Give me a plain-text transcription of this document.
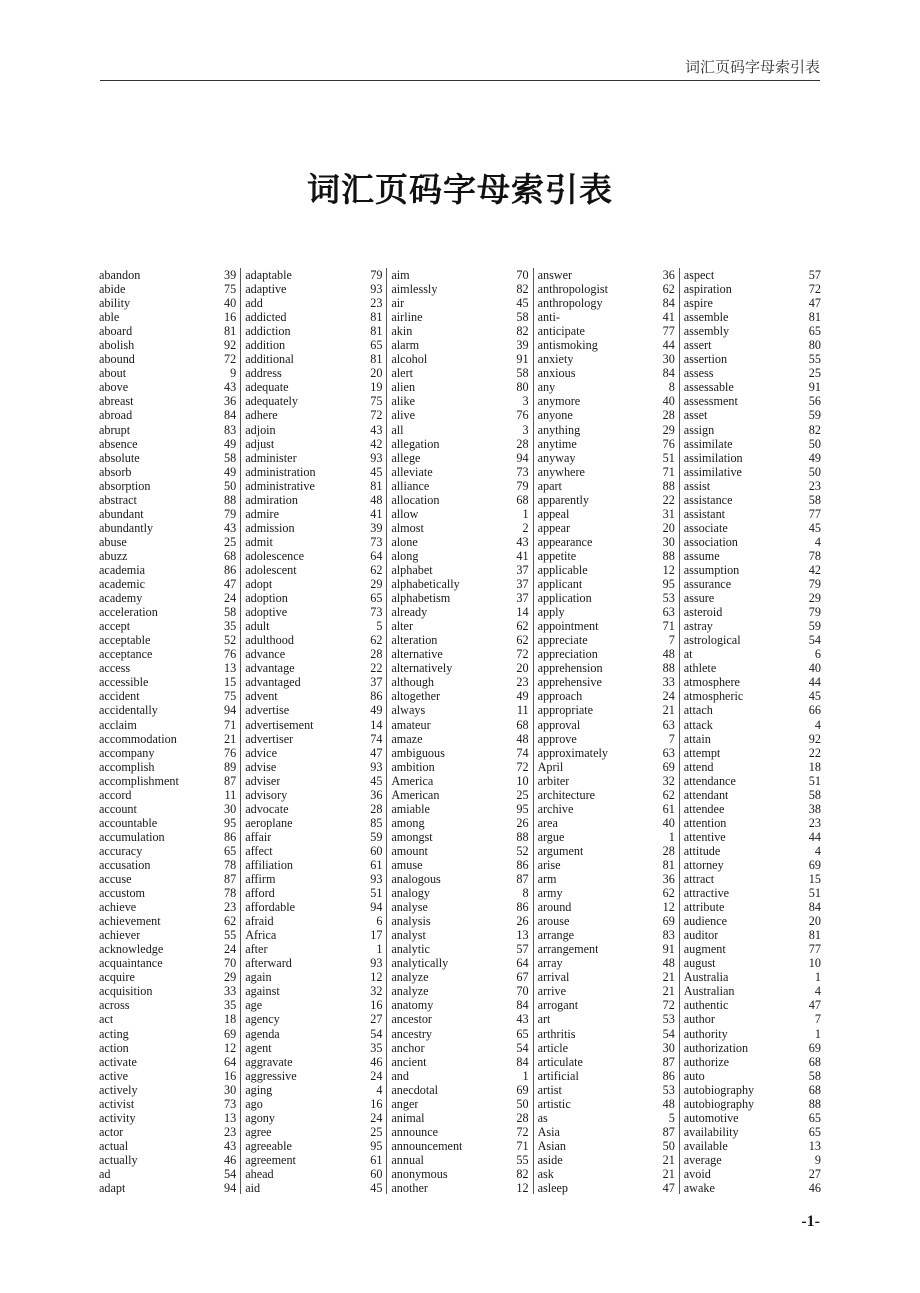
词汇页码字母索引表
词汇页码字母索引表
abandon	39
abide	75
ability	40
able	16
aboard	81
abolish	92
abound	72
about	9
above	43
abreast	36
abroad	84
abrupt	83
absence	49
absolute	58
absorb	49
absorption	50
abstract	88
abundant	79
abundantly	43
abuse	25
abuzz	68
academia	86
academic	47
academy	24
acceleration	58
accept	35
acceptable	52
acceptance	76
access	13
accessible	15
accident	75
accidentally	94
acclaim	71
accommodation	21
accompany	76
accomplish	89
accomplishment	87
accord	11
account	30
accountable	95
accumulation	86
accuracy	65
accusation	78
accuse	87
accustom	78
achieve	23
achievement	62
achiever	55
acknowledge	24
acquaintance	70
acquire	29
acquisition	33
across	35
act	18
acting	69
action	12
activate	64
active	16
actively	30
activist	73
activity	13
actor	23
actual	43
actually	46
ad	54
adapt	94
adaptable	79
adaptive	93
add	23
addicted	81
addiction	81
addition	65
additional	81
address	20
adequate	19
adequately	75
adhere	72
adjoin	43
adjust	42
administer	93
administration	45
administrative	81
admiration	48
admire	41
admission	39
admit	73
adolescence	64
adolescent	62
adopt	29
adoption	65
adoptive	73
adult	5
adulthood	62
advance	28
advantage	22
advantaged	37
advent	86
advertise	49
advertisement	14
advertiser	74
advice	47
advise	93
adviser	45
advisory	36
advocate	28
aeroplane	85
affair	59
affect	60
affiliation	61
affirm	93
afford	51
affordable	94
afraid	6
Africa	17
after	1
afterward	93
again	12
against	32
age	16
agency	27
agenda	54
agent	35
aggravate	46
aggressive	24
aging	4
ago	16
agony	24
agree	25
agreeable	95
agreement	61
ahead	60
aid	45
aim	70
aimlessly	82
air	45
airline	58
akin	82
alarm	39
alcohol	91
alert	58
alien	80
alike	3
alive	76
all	3
allegation	28
allege	94
alleviate	73
alliance	79
allocation	68
allow	1
almost	2
alone	43
along	41
alphabet	37
alphabetically	37
alphabetism	37
already	14
alter	62
alteration	62
alternative	72
alternatively	20
although	23
altogether	49
always	11
amateur	68
amaze	48
ambiguous	74
ambition	72
America	10
American	25
amiable	95
among	26
amongst	88
amount	52
amuse	86
analogous	87
analogy	8
analyse	86
analysis	26
analyst	13
analytic	57
analytically	64
analyze	67
analyze	70
anatomy	84
ancestor	43
ancestry	65
anchor	54
ancient	84
and	1
anecdotal	69
anger	50
animal	28
announce	72
announcement	71
annual	55
anonymous	82
another	12
answer	36
anthropologist	62
anthropology	84
anti-	41
anticipate	77
antismoking	44
anxiety	30
anxious	84
any	8
anymore	40
anyone	28
anything	29
anytime	76
anyway	51
anywhere	71
apart	88
apparently	22
appeal	31
appear	20
appearance	30
appetite	88
applicable	12
applicant	95
application	53
apply	63
appointment	71
appreciate	7
appreciation	48
apprehension	88
apprehensive	33
approach	24
appropriate	21
approval	63
approve	7
approximately	63
April	69
arbiter	32
architecture	62
archive	61
area	40
argue	1
argument	28
arise	81
arm	36
army	62
around	12
arouse	69
arrange	83
arrangement	91
array	48
arrival	21
arrive	21
arrogant	72
art	53
arthritis	54
article	30
articulate	87
artificial	86
artist	53
artistic	48
as	5
Asia	87
Asian	50
aside	21
ask	21
asleep	47
aspect	57
aspiration	72
aspire	47
assemble	81
assembly	65
assert	80
assertion	55
assess	25
assessable	91
assessment	56
asset	59
assign	82
assimilate	50
assimilation	49
assimilative	50
assist	23
assistance	58
assistant	77
associate	45
association	4
assume	78
assumption	42
assurance	79
assure	29
asteroid	79
astray	59
astrological	54
at	6
athlete	40
atmosphere	44
atmospheric	45
attach	66
attack	4
attain	92
attempt	22
attend	18
attendance	51
attendant	58
attendee	38
attention	23
attentive	44
attitude	4
attorney	69
attract	15
attractive	51
attribute	84
audience	20
auditor	81
augment	77
august	10
Australia	1
Australian	4
authentic	47
author	7
authority	1
authorization	69
authorize	68
auto	58
autobiography	68
autobiography	88
automotive	65
availability	65
available	13
average	9
avoid	27
awake	46
-1-
